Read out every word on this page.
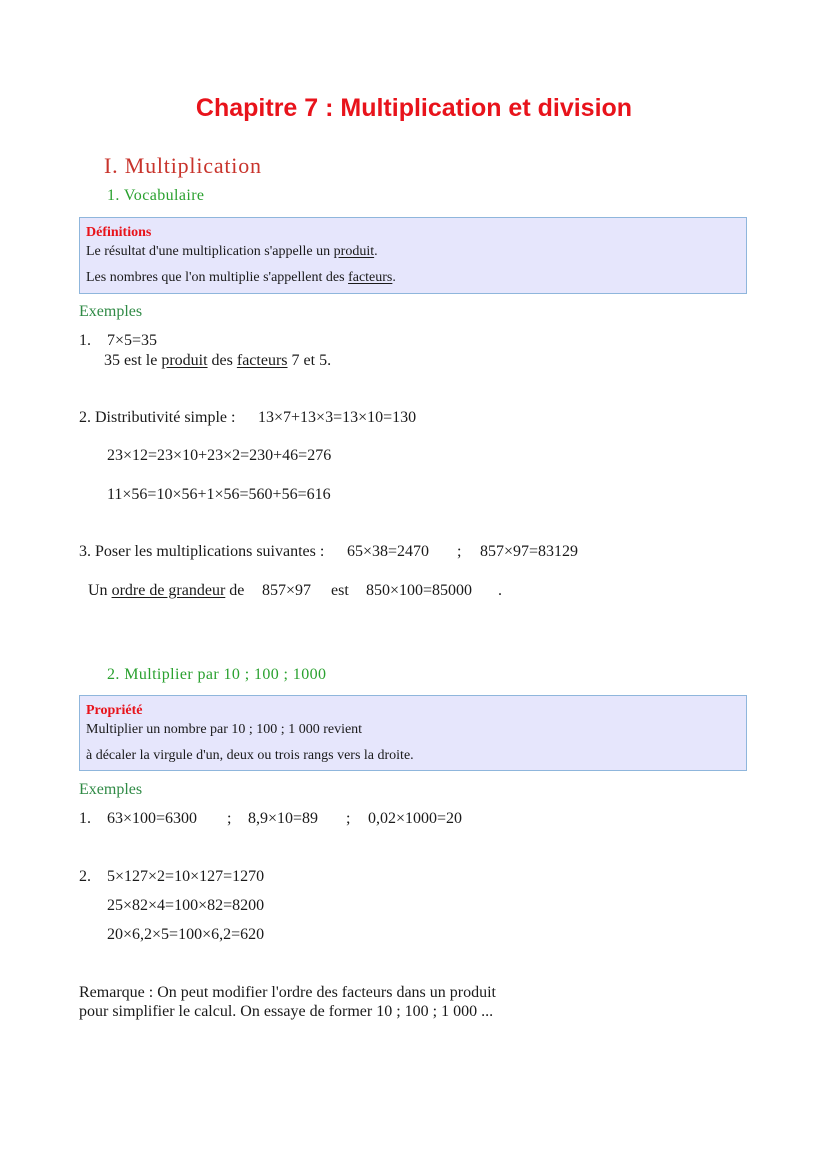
Chapitre 7 : Multiplication et division
I. Multiplication
1. Vocabulaire
Définitions
Le résultat d'une multiplication s'appelle un produit.
Les nombres que l'on multiplie s'appellent des facteurs.
Exemples
1. 7×5=35
35 est le produit des facteurs 7 et 5.
2. Distributivité simple : 13×7+13×3=13×10=130
23×12=23×10+23×2=230+46=276
11×56=10×56+1×56=560+56=616
3. Poser les multiplications suivantes : 65×38=2470 ; 857×97=83129
Un ordre de grandeur de 857×97 est 850×100=85000 .
2. Multiplier par 10 ; 100 ; 1000
Propriété
Multiplier un nombre par 10 ; 100 ; 1 000 revient
à décaler la virgule d'un, deux ou trois rangs vers la droite.
Exemples
1. 63×100=6300 ; 8,9×10=89 ; 0,02×1000=20
2. 5×127×2=10×127=1270
25×82×4=100×82=8200
20×6,2×5=100×6,2=620
Remarque : On peut modifier l'ordre des facteurs dans un produit
pour simplifier le calcul. On essaye de former 10 ; 100 ; 1 000 ...
